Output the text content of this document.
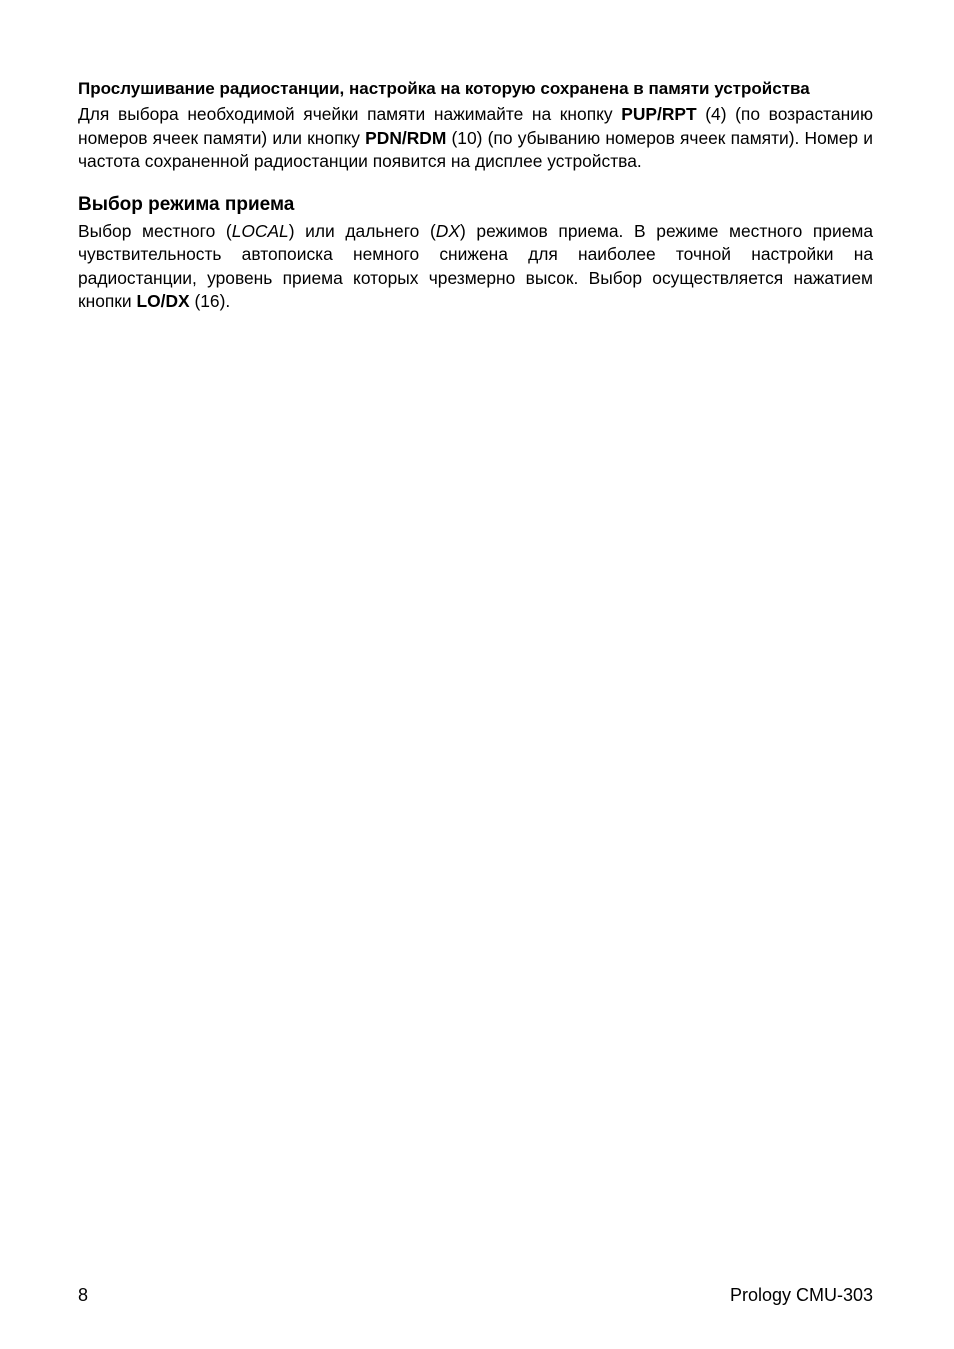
Прослушивание радиостанции, настройка на которую сохранена в памяти устройства

Для выбора необходимой ячейки памяти нажимайте на кнопку PUP/RPT (4) (по возрастанию номеров ячеек памяти) или кнопку PDN/RDM (10) (по убыванию номеров ячеек памяти). Номер и частота сохраненной радиостанции появится на дисплее устройства.

Выбор режима приема

Выбор местного (LOCAL) или дальнего (DX) режимов приема. В режиме местного приема чувствительность автопоиска немного снижена для наиболее точной настройки на радиостанции, уровень приема которых чрезмерно высок. Выбор осуществляется нажатием кнопки LO/DX (16).

8	Prology CMU-303
